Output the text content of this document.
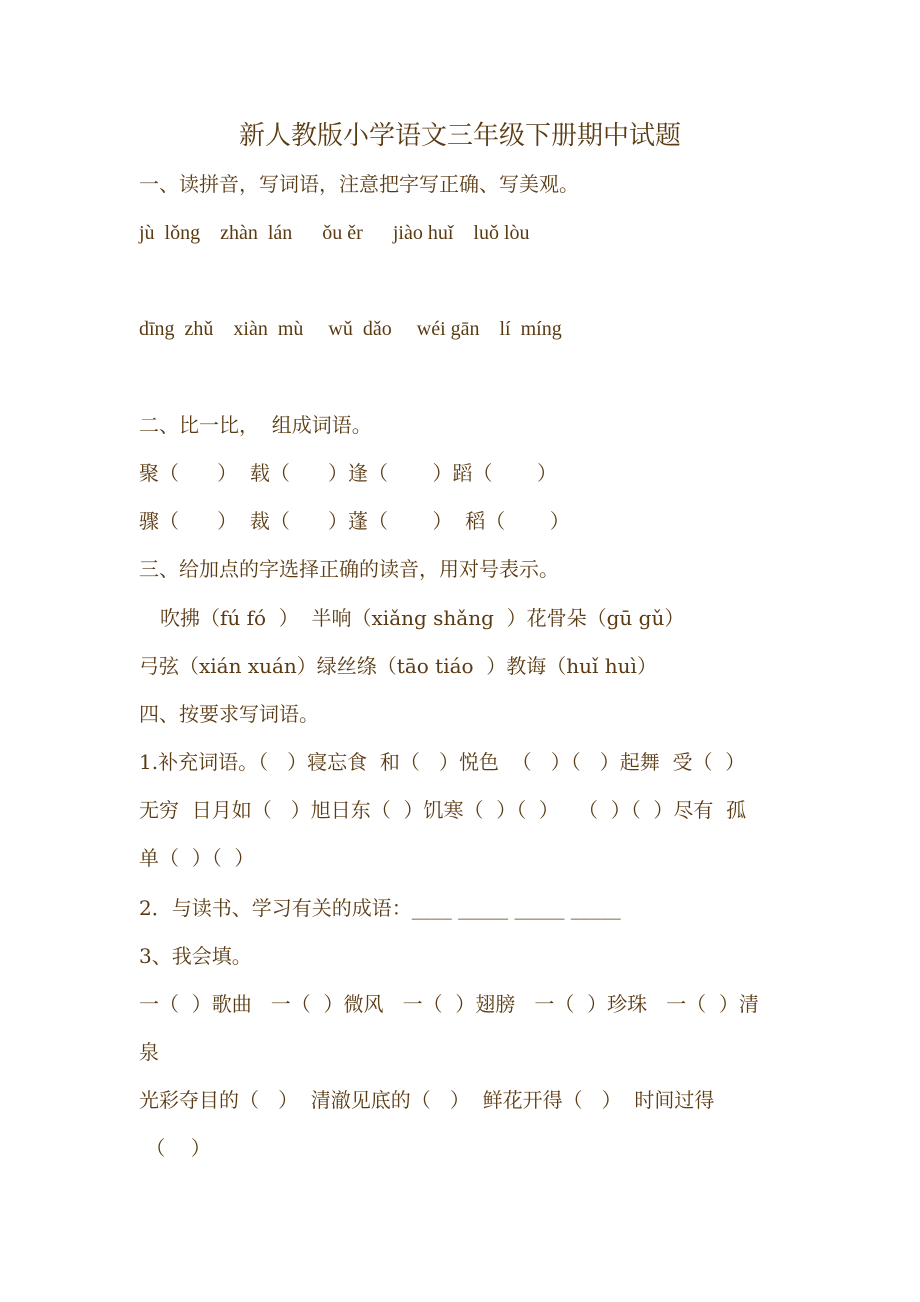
新人教版小学语文三年级下册期中试题
一、读拼音，写词语，注意把字写正确、写美观。
jù  lǒng    zhàn  lán      ǒu ěr      jiào huǐ    luǒ lòu
dīng  zhǔ    xiàn  mù     wǔ  dǎo     wéi gān    lí  míng
二、比一比，  组成词语。
聚（      ）  载（      ）逢（       ）蹈（       ）
骤（      ）  裁（      ）蓬（       ）  稻（       ）
三、给加点的字选择正确的读音，用对号表示。
吹拂（fú fó  ）  半响（xiǎng shǎng  ）花骨朵（gū gǔ）
弓弦（xián xuán）绿丝绦（tāo tiáo  ）教诲（huǐ huì）
四、按要求写词语。
1.补充词语。（   ）寝忘食  和（   ）悦色  （   ）（   ）起舞  受（  ）
无穷  日月如（   ）旭日东（  ）饥寒（  ）（  ）   （  ）（  ）尽有  孤
单（  ）（  ）
2．与读书、学习有关的成语：____ _____ _____ _____
3、我会填。
一（  ）歌曲   一（  ）微风   一（  ）翅膀   一（  ）珍珠   一（  ）清
泉
光彩夺目的（   ）  清澈见底的（   ）  鲜花开得（   ）  时间过得
（    ）
